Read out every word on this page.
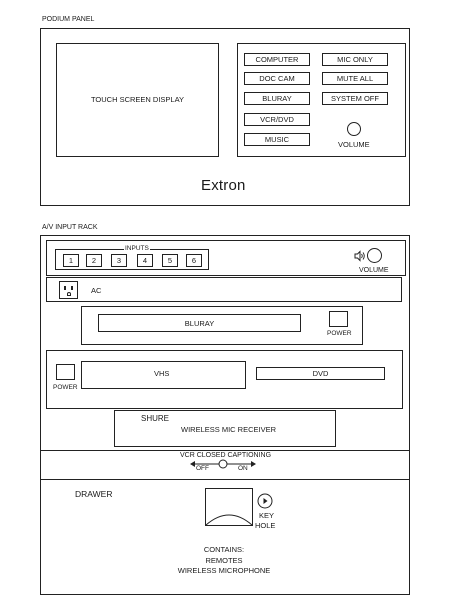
PODIUM PANEL
TOUCH SCREEN DISPLAY
COMPUTER
DOC CAM
BLURAY
VCR/DVD
MUSIC
MIC ONLY
MUTE ALL
SYSTEM OFF
VOLUME
Extron
A/V INPUT RACK
INPUTS
1	2	3	4	5	6
VOLUME
AC
BLURAY
POWER
POWER
VHS	DVD
SHURE
WIRELESS MIC RECEIVER
VCR CLOSED CAPTIONING
OFF	ON
DRAWER
KEY
HOLE
CONTAINS:
REMOTES
WIRELESS MICROPHONE
